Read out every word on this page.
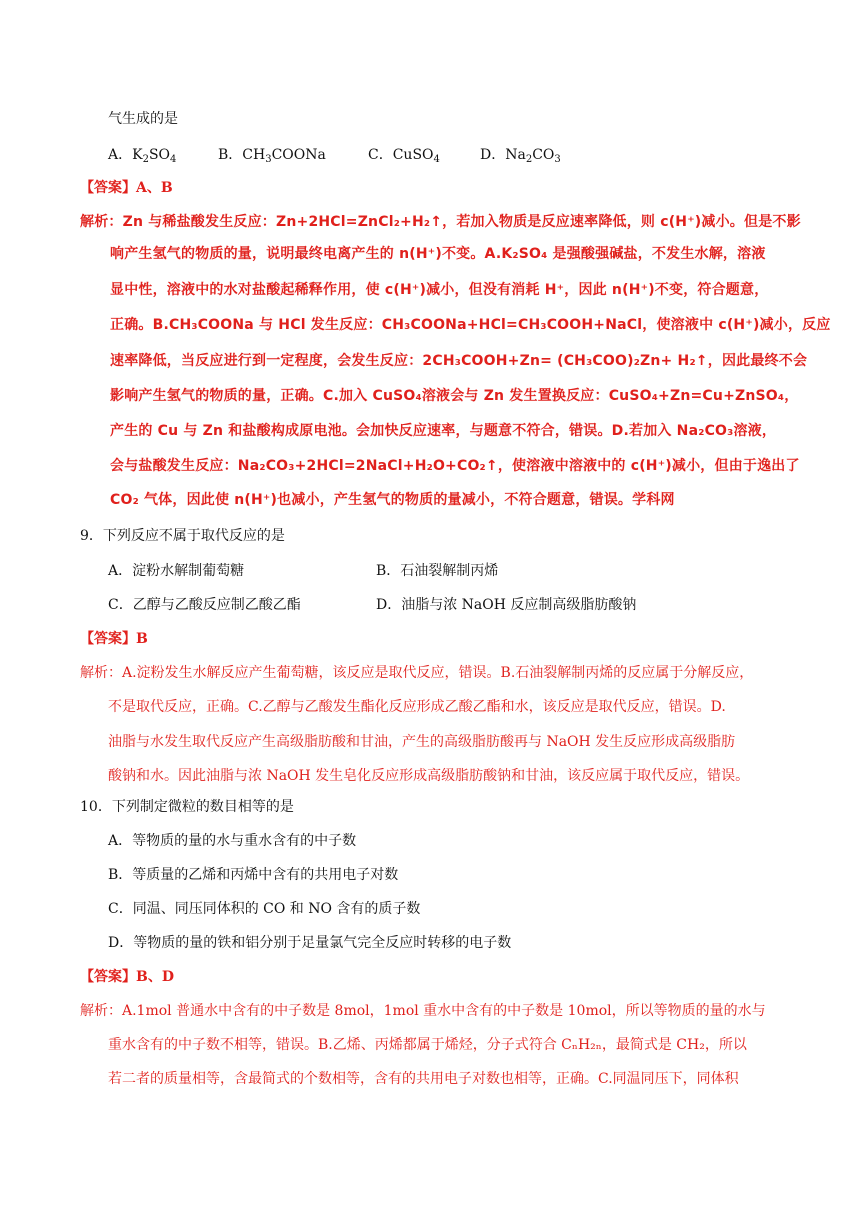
气生成的是
A．$K_2SO_4$	B．$CH_3COONa$	C．CuSO$_4$	D．$Na_2CO_3$
【答案】A、B
解析：Zn 与稀盐酸发生反应：Zn+2HCl=ZnCl₂+H₂↑，若加入物质是反应速率降低，则 c(H⁺)减小。但是不影
响产生氢气的物质的量，说明最终电离产生的 n(H⁺)不变。A.K₂SO₄ 是强酸强碱盐，不发生水解，溶液
显中性，溶液中的水对盐酸起稀释作用，使 c(H⁺)减小，但没有消耗 H⁺，因此 n(H⁺)不变，符合题意，
正确。B.CH₃COONa 与 HCl 发生反应：CH₃COONa+HCl=CH₃COOH+NaCl，使溶液中 c(H⁺)减小，反应
速率降低，当反应进行到一定程度，会发生反应：2CH₃COOH+Zn= (CH₃COO)₂Zn+ H₂↑，因此最终不会
影响产生氢气的物质的量，正确。C.加入 CuSO₄溶液会与 Zn 发生置换反应：CuSO₄+Zn=Cu+ZnSO₄，
产生的 Cu 与 Zn 和盐酸构成原电池。会加快反应速率，与题意不符合，错误。D.若加入 Na₂CO₃溶液，
会与盐酸发生反应：Na₂CO₃+2HCl=2NaCl+H₂O+CO₂↑，使溶液中溶液中的 c(H⁺)减小，但由于逸出了
CO₂ 气体，因此使 n(H⁺)也减小，产生氢气的物质的量减小，不符合题意，错误。学科网
9．下列反应不属于取代反应的是
A．淀粉水解制葡萄糖	B．石油裂解制丙烯
C．乙醇与乙酸反应制乙酸乙酯	D．油脂与浓 NaOH 反应制高级脂肪酸钠
【答案】B
解析：A.淀粉发生水解反应产生葡萄糖，该反应是取代反应，错误。B.石油裂解制丙烯的反应属于分解反应，
不是取代反应，正确。C.乙醇与乙酸发生酯化反应形成乙酸乙酯和水，该反应是取代反应，错误。D.
油脂与水发生取代反应产生高级脂肪酸和甘油，产生的高级脂肪酸再与 NaOH 发生反应形成高级脂肪
酸钠和水。因此油脂与浓 NaOH 发生皂化反应形成高级脂肪酸钠和甘油，该反应属于取代反应，错误。
10．下列制定微粒的数目相等的是
A．等物质的量的水与重水含有的中子数
B．等质量的乙烯和丙烯中含有的共用电子对数
C．同温、同压同体积的 CO 和 NO 含有的质子数
D．等物质的量的铁和铝分别于足量氯气完全反应时转移的电子数
【答案】B、D
解析：A.1mol 普通水中含有的中子数是 8mol，1mol 重水中含有的中子数是 10mol，所以等物质的量的水与
重水含有的中子数不相等，错误。B.乙烯、丙烯都属于烯烃，分子式符合 CₙH₂ₙ，最简式是 CH₂，所以
若二者的质量相等，含最简式的个数相等，含有的共用电子对数也相等，正确。C.同温同压下，同体积
